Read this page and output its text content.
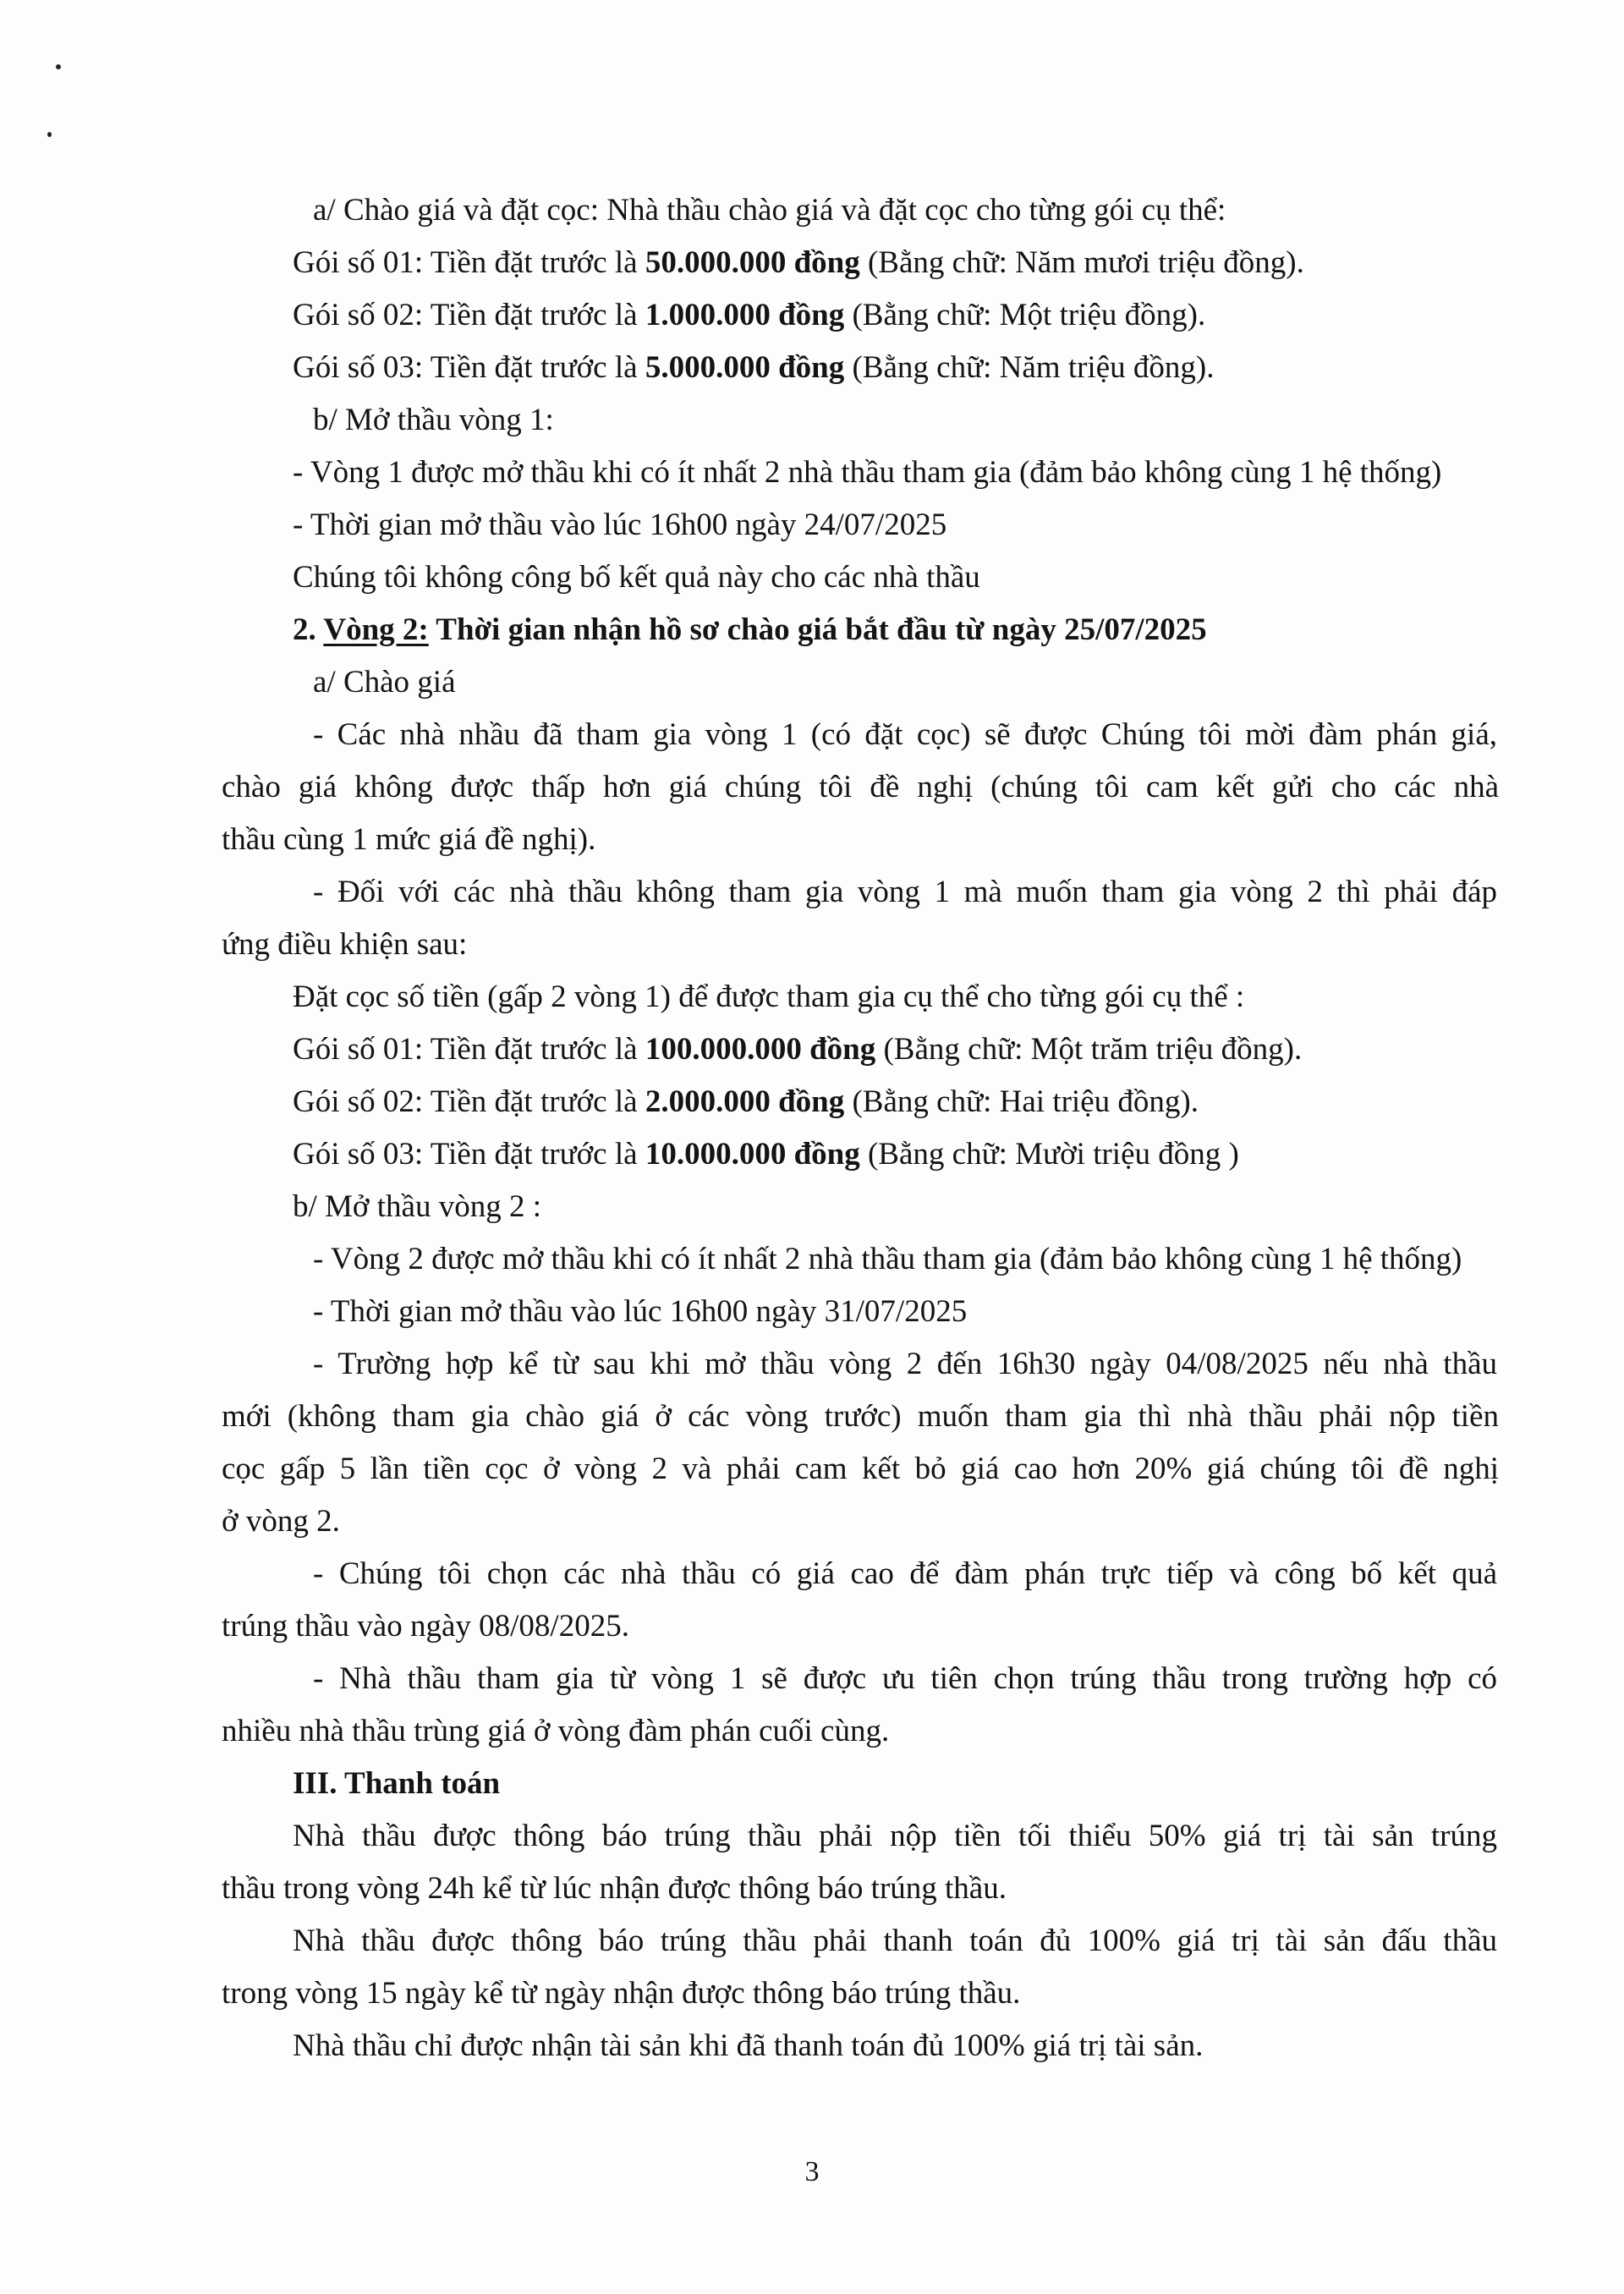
a/ Chào giá và đặt cọc: Nhà thầu chào giá và đặt cọc cho từng gói cụ thể:
Gói số 01: Tiền đặt trước là 50.000.000 đồng (Bằng chữ: Năm mươi triệu đồng).
Gói số 02: Tiền đặt trước là 1.000.000 đồng (Bằng chữ: Một triệu đồng).
Gói số 03: Tiền đặt trước là 5.000.000 đồng (Bằng chữ: Năm triệu đồng).
b/ Mở thầu vòng 1:
- Vòng 1 được mở thầu khi có ít nhất 2 nhà thầu tham gia (đảm bảo không cùng 1 hệ thống)
- Thời gian mở thầu vào lúc 16h00 ngày 24/07/2025
Chúng tôi không công bố kết quả này cho các nhà thầu
2. Vòng 2: Thời gian nhận hồ sơ chào giá bắt đầu từ ngày 25/07/2025
a/ Chào giá
- Các nhà nhầu đã tham gia vòng 1 (có đặt cọc) sẽ được Chúng tôi mời đàm phán giá,
chào giá không được thấp hơn giá chúng tôi đề nghị (chúng tôi cam kết gửi cho các nhà
thầu cùng 1 mức giá đề nghị).
- Đối với các nhà thầu không tham gia vòng 1 mà muốn tham gia vòng 2 thì phải đáp
ứng điều khiện sau:
Đặt cọc số tiền (gấp 2 vòng 1) để được tham gia cụ thể cho từng gói cụ thể :
Gói số 01: Tiền đặt trước là 100.000.000 đồng (Bằng chữ: Một trăm triệu đồng).
Gói số 02: Tiền đặt trước là 2.000.000 đồng (Bằng chữ: Hai triệu đồng).
Gói số 03: Tiền đặt trước là 10.000.000 đồng (Bằng chữ: Mười triệu đồng )
b/ Mở thầu vòng 2 :
- Vòng 2 được mở thầu khi có ít nhất 2 nhà thầu tham gia (đảm bảo không cùng 1 hệ thống)
- Thời gian mở thầu vào lúc 16h00 ngày 31/07/2025
- Trường hợp kể từ sau khi mở thầu vòng 2 đến 16h30 ngày 04/08/2025 nếu nhà thầu
mới (không tham gia chào giá ở các vòng trước) muốn tham gia thì nhà thầu phải nộp tiền
cọc gấp 5 lần tiền cọc ở vòng 2 và phải cam kết bỏ giá cao hơn 20% giá chúng tôi đề nghị
ở vòng 2.
- Chúng tôi chọn các nhà thầu có giá cao để đàm phán trực tiếp và công bố kết quả
trúng thầu vào ngày 08/08/2025.
- Nhà thầu tham gia từ vòng 1 sẽ được ưu tiên chọn trúng thầu trong trường hợp có
nhiều nhà thầu trùng giá ở vòng đàm phán cuối cùng.
III. Thanh toán
Nhà thầu được thông báo trúng thầu phải nộp tiền tối thiểu 50% giá trị tài sản trúng
thầu trong vòng 24h kể từ lúc nhận được thông báo trúng thầu.
Nhà thầu được thông báo trúng thầu phải thanh toán đủ 100% giá trị tài sản đấu thầu
trong vòng 15 ngày kể từ ngày nhận được thông báo trúng thầu.
Nhà thầu chỉ được nhận tài sản khi đã thanh toán đủ 100% giá trị tài sản.
3
